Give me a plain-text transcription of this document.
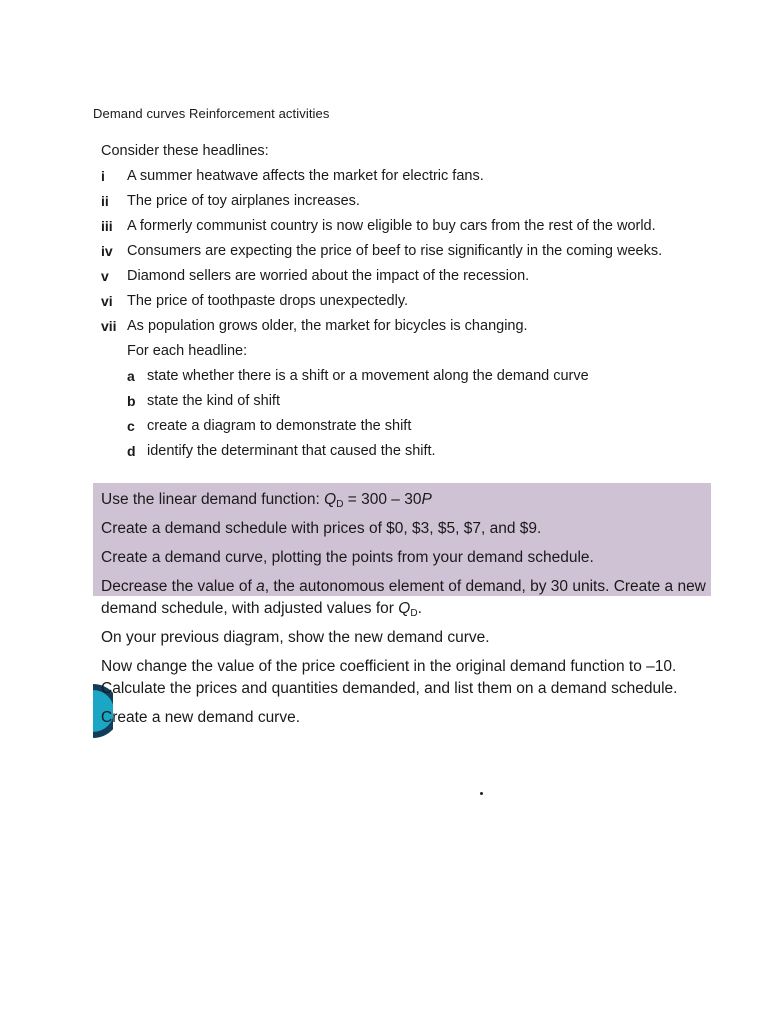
Demand curves Reinforcement activities
Consider these headlines:
i A summer heatwave affects the market for electric fans.
ii The price of toy airplanes increases.
iii A formerly communist country is now eligible to buy cars from the rest of the world.
iv Consumers are expecting the price of beef to rise significantly in the coming weeks.
v Diamond sellers are worried about the impact of the recession.
vi The price of toothpaste drops unexpectedly.
vii As population grows older, the market for bicycles is changing.
For each headline:
a state whether there is a shift or a movement along the demand curve
b state the kind of shift
c create a diagram to demonstrate the shift
d identify the determinant that caused the shift.
Use the linear demand function: QD = 300 – 30P
Create a demand schedule with prices of $0, $3, $5, $7, and $9.
Create a demand curve, plotting the points from your demand schedule.
Decrease the value of a, the autonomous element of demand, by 30 units. Create a new
demand schedule, with adjusted values for QD.
On your previous diagram, show the new demand curve.
Now change the value of the price coefficient in the original demand function to –10.
Calculate the prices and quantities demanded, and list them on a demand schedule.
Create a new demand curve.
